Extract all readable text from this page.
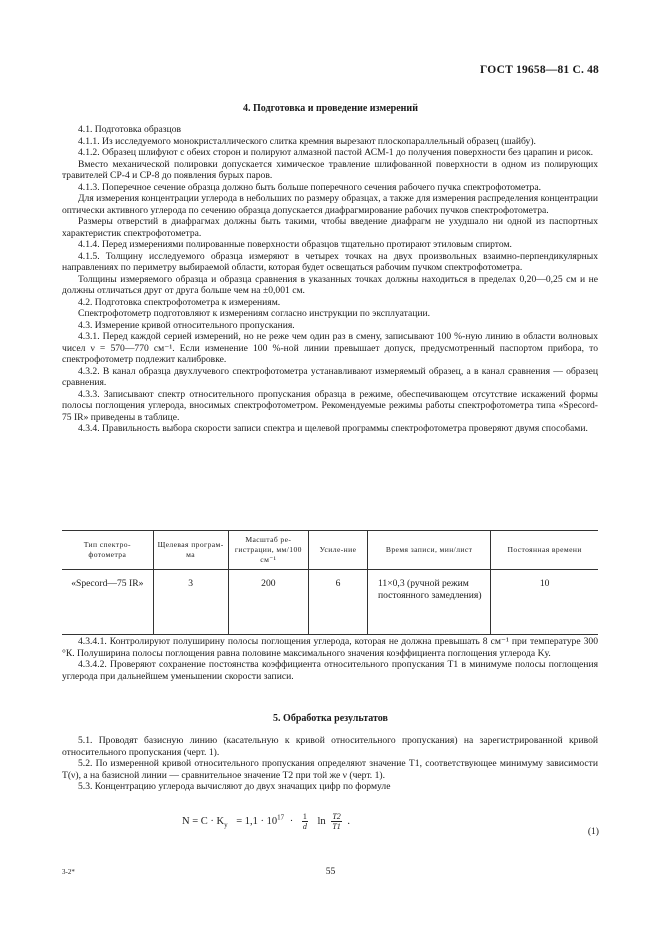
ГОСТ 19658—81 С. 48
4. Подготовка и проведение измерений

4.1. Подготовка образцов

4.1.1. Из исследуемого монокристаллического слитка кремния вырезают плоскопараллельный образец (шайбу).

4.1.2. Образец шлифуют с обеих сторон и полируют алмазной пастой АСМ-1 до получения поверхности без царапин и рисок.

Вместо механической полировки допускается химическое травление шлифованной поверхности в одном из полирующих травителей СР-4 и СР-8 до появления бурых паров.

4.1.3. Поперечное сечение образца должно быть больше поперечного сечения рабочего пучка спектрофотометра.

Для измерения концентрации углерода в небольших по размеру образцах, а также для измерения распределения концентрации оптически активного углерода по сечению образца допускается диафрагмирование рабочих пучков спектрофотометра.

Размеры отверстий в диафрагмах должны быть такими, чтобы введение диафрагм не ухудшало ни одной из паспортных характеристик спектрофотометра.

4.1.4. Перед измерениями полированные поверхности образцов тщательно протирают этиловым спиртом.

4.1.5. Толщину исследуемого образца измеряют в четырех точках на двух произвольных взаимно-перпендикулярных направлениях по периметру выбираемой области, которая будет освещаться рабочим пучком спектрофотометра.

Толщины измеряемого образца и образца сравнения в указанных точках должны находиться в пределах 0,20—0,25 см и не должны отличаться друг от друга больше чем на ±0,001 см.

4.2. Подготовка спектрофотометра к измерениям.

Спектрофотометр подготовляют к измерениям согласно инструкции по эксплуатации.

4.3. Измерение кривой относительного пропускания.

4.3.1. Перед каждой серией измерений, но не реже чем один раз в смену, записывают 100 %-ную линию в области волновых чисел ν = 570—770 см⁻¹. Если изменение 100 %-ной линии превышает допуск, предусмотренный паспортом прибора, то спектрофотометр подлежит калибровке.

4.3.2. В канал образца двухлучевого спектрофотометра устанавливают измеряемый образец, а в канал сравнения — образец сравнения.

4.3.3. Записывают спектр относительного пропускания образца в режиме, обеспечивающем отсутствие искажений формы полосы поглощения углерода, вносимых спектрофотометром. Рекомендуемые режимы работы спектрофотометра типа «Specord-75 IR» приведены в таблице.

4.3.4. Правильность выбора скорости записи спектра и щелевой программы спектрофотометра проверяют двумя способами.

Тип спектро-фотометра	Щелевая програм-ма	Масштаб ре-гистрации, мм/100 см⁻¹	Усиле-ние	Время записи, мин/лист	Постоянная времени
«Specord—75 IR»	3	200	6	11×0,3 (ручной режим постоянного замедления)	10

4.3.4.1. Контролируют полуширину полосы поглощения углерода, которая не должна превышать 8 см⁻¹ при температуре 300 °К. Полуширина полосы поглощения равна половине максимального значения коэффициента поглощения углерода Kу.

4.3.4.2. Проверяют сохранение постоянства коэффициента относительного пропускания T1 в минимуме полосы поглощения углерода при дальнейшем уменьшении скорости записи.

5. Обработка результатов

5.1. Проводят базисную линию (касательную к кривой относительного пропускания) на зарегистрированной кривой относительного пропускания (черт. 1).

5.2. По измеренной кривой относительного пропускания определяют значение T1, соответствующее минимуму зависимости T(ν), а на базисной линии — сравнительное значение T2 при той же ν (черт. 1).

5.3. Концентрацию углерода вычисляют до двух значащих цифр по формуле

$N = C \cdot K_у = 1,1 \cdot 10^{17} \cdot \frac{1}{d}$ $\ln \frac{T2}{T1}$ .
(1)
55
3-2*
